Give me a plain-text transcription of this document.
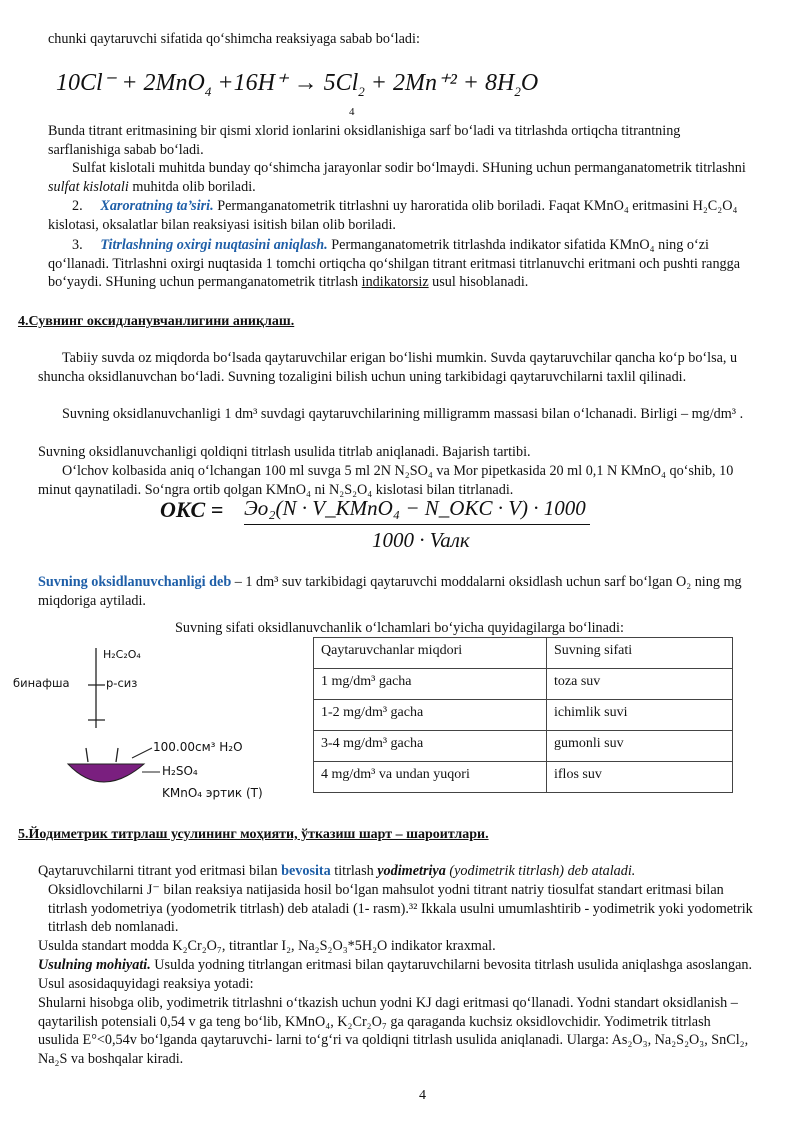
chunki qaytaruvchi sifatida qo‘shimcha reaksiyaga sabab bo‘ladi:

$10Cl^- + 2MnO_4 +16H^+ \to 5Cl_2 + 2Mn^{+2} + 8H_2O$
4

Bunda titrant eritmasining bir qismi xlorid ionlarini oksidlanishiga sarf bo‘ladi va titrlashda ortiqcha titrantning sarflanishiga sabab bo‘ladi.

Sulfat kislotali muhitda bunday qo‘shimcha jarayonlar sodir bo‘lmaydi. SHuning uchun permanganatometrik titrlashni sulfat kislotali muhitda olib boriladi.

2. Xaroratning ta’siri. Permanganatometrik titrlashni uy haroratida olib boriladi. Faqat KMnO₄ eritmasini H₂C₂O₄ kislotasi, oksalatlar bilan reaksiyasi isitish bilan olib boriladi.

3. Titrlashning oxirgi nuqtasini aniqlash. Permanganatometrik titrlashda indikator sifatida KMnO₄ ning o‘zi qo‘llanadi. Titrlashni oxirgi nuqtasida 1 tomchi ortiqcha qo‘shilgan titrant eritmasi titrlanuvchi eritmani och pushti rangga bo‘yaydi. SHuning uchun permanganatometrik titrlash indikatorsiz usul hisoblanadi.

4.Сувнинг оксидланувчанлигини аниқлаш.

Tabiiy suvda oz miqdorda bo‘lsada qaytaruvchilar erigan bo‘lishi mumkin. Suvda qaytaruvchilar qancha ko‘p bo‘lsa, u shuncha oksidlanuvchan bo‘ladi. Suvning tozaligini bilish uchun uning tarkibidagi qaytaruvchilarni taxlil qilinadi.

Suvning oksidlanuvchanligi 1 dm³ suvdagi qaytaruvchilarining milligramm massasi bilan o‘lchanadi. Birligi – mg/dm³ .

Suvning oksidlanuvchanligi qoldiqni titrlash usulida titrlab aniqlanadi. Bajarish tartibi.

O‘lchov kolbasida aniq o‘lchangan 100 ml suvga 5 ml 2N N₂SO₄ va Mor pipetkasida 20 ml 0,1 N KMnO₄ qo‘shib, 10 minut qaynatiladi. So‘ngra ortib qolgan KMnO₄ ni N₂S₂O₄ kislotasi bilan titrlanadi.

OKC = Эo₂(N · V_KMnO₄ − N_OKC · V) · 1000
1000 · Vaлк

Suvning oksidlanuvchanligi deb – 1 dm³ suv tarkibidagi qaytaruvchi moddalarni oksidlash uchun sarf bo‘lgan O₂ ning mg miqdoriga aytiladi.

Suvning sifati oksidlanuvchanlik o‘lchamlari bo‘yicha quyidagilarga bo‘linadi:

H₂C₂O₄
бинафша	р-сиз
100.00см³ H₂O
H₂SO₄
KMnO₄ эртик (T)
Qaytaruvchanlar miqdori	Suvning sifati
1 mg/dm³ gacha	toza suv
1-2 mg/dm³ gacha	ichimlik suvi
3-4 mg/dm³ gacha	gumonli suv
4 mg/dm³ va undan yuqori	iflos suv

5.Йодиметрик титрлаш усулининг моҳияти, ўтказиш шарт – шароитлари.

Qaytaruvchilarni titrant yod eritmasi bilan bevosita titrlash yodimetriya (yodimetrik titrlash) deb ataladi.

Oksidlovchilarni J⁻ bilan reaksiya natijasida hosil bo‘lgan mahsulot yodni titrant natriy tiosulfat standart eritmasi bilan titrlash yodometriya (yodometrik titrlash) deb ataladi (1- rasm).³² Ikkala usulni umumlashtirib - yodimetrik yoki yodometrik titrlash deb nomlanadi.

Usulda standart modda K₂Cr₂O₇, titrantlar I₂, Na₂S₂O₃*5H₂O indikator kraxmal.

Usulning mohiyati. Usulda yodning titrlangan eritmasi bilan qaytaruvchilarni bevosita titrlash usulida aniqlashga asoslangan. Usul asosidaquyidagi reaksiya yotadi:

Shularni hisobga olib, yodimetrik titrlashni o‘tkazish uchun yodni KJ dagi eritmasi qo‘llanadi. Yodni standart oksidlanish – qaytarilish potensiali 0,54 v ga teng bo‘lib, KMnO₄, K₂Cr₂O₇ ga qaraganda kuchsiz oksidlovchidir. Yodimetrik titrlash usulida E°<0,54v bo‘lganda qaytaruvchi- larni to‘g‘ri va qoldiqni titrlash usulida aniqlanadi. Ularga: As₂O₃, Na₂S₂O₃, SnCl₂, Na₂S va boshqalar kiradi.

4
